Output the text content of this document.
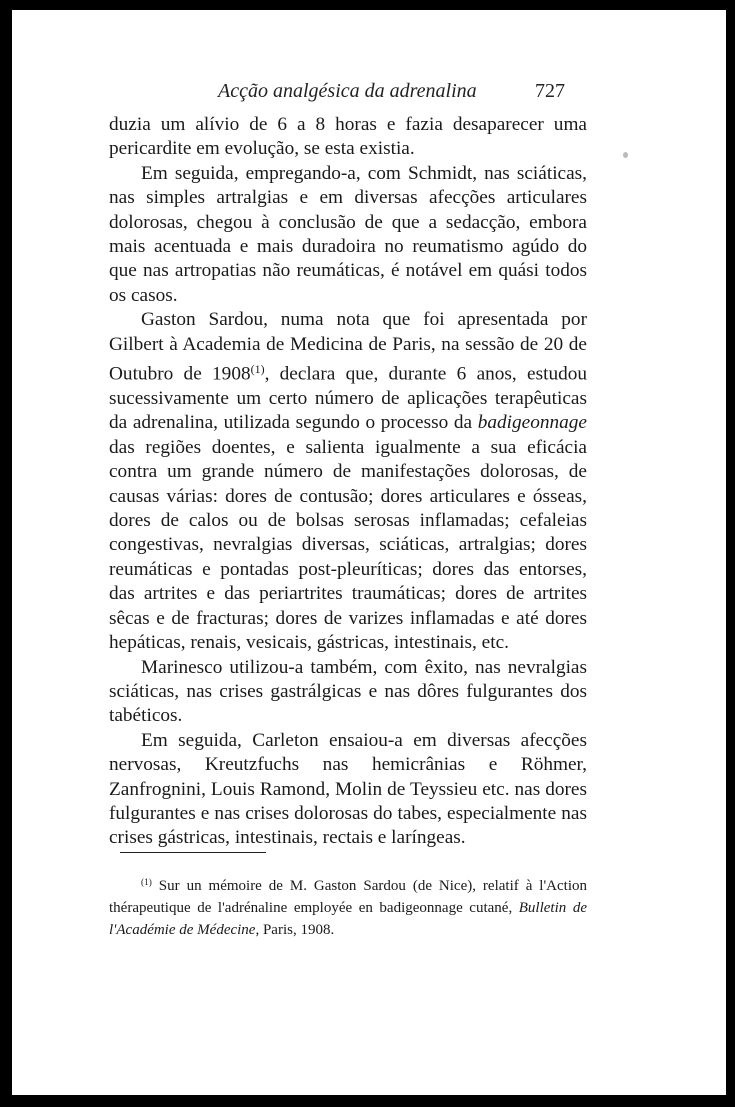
Acção analgésica da adrenalina	727

duzia um alívio de 6 a 8 horas e fazia desaparecer uma pericardite em evolução, se esta existia.

Em seguida, empregando-a, com Schmidt, nas sciáticas, nas simples artralgias e em diversas afecções articulares dolorosas, chegou à conclusão de que a sedacção, embora mais acentuada e mais duradoira no reumatismo agúdo do que nas artropatias não reumáticas, é notável em quási todos os casos.

Gaston Sardou, numa nota que foi apresentada por Gilbert à Academia de Medicina de Paris, na sessão de 20 de Outubro de 1908$^{(1)}$, declara que, durante 6 anos, estudou sucessivamente um certo número de aplicações terapêuticas da adrenalina, utilizada segundo o processo da badigeonnage das regiões doentes, e salienta igualmente a sua eficácia contra um grande número de manifestações dolorosas, de causas várias: dores de contusão; dores articulares e ósseas, dores de calos ou de bolsas serosas inflamadas; cefaleias congestivas, nevralgias diversas, sciáticas, artralgias; dores reumáticas e pontadas post-pleuríticas; dores das entorses, das artrites e das periartrites traumáticas; dores de artrites sêcas e de fracturas; dores de varizes inflamadas e até dores hepáticas, renais, vesicais, gástricas, intestinais, etc.

Marinesco utilizou-a também, com êxito, nas nevralgias sciáticas, nas crises gastrálgicas e nas dôres fulgurantes dos tabéticos.

Em seguida, Carleton ensaiou-a em diversas afecções nervosas, Kreutzfuchs nas hemicrânias e Röhmer, Zanfrognini, Louis Ramond, Molin de Teyssieu etc. nas dores fulgurantes e nas crises dolorosas do tabes, especialmente nas crises gástricas, intestinais, rectais e laríngeas.

$^{(1)}$ Sur un mémoire de M. Gaston Sardou (de Nice), relatif à l'Action thérapeutique de l'adrénaline employée en badigeonnage cutané, Bulletin de l'Académie de Médecine, Paris, 1908.
